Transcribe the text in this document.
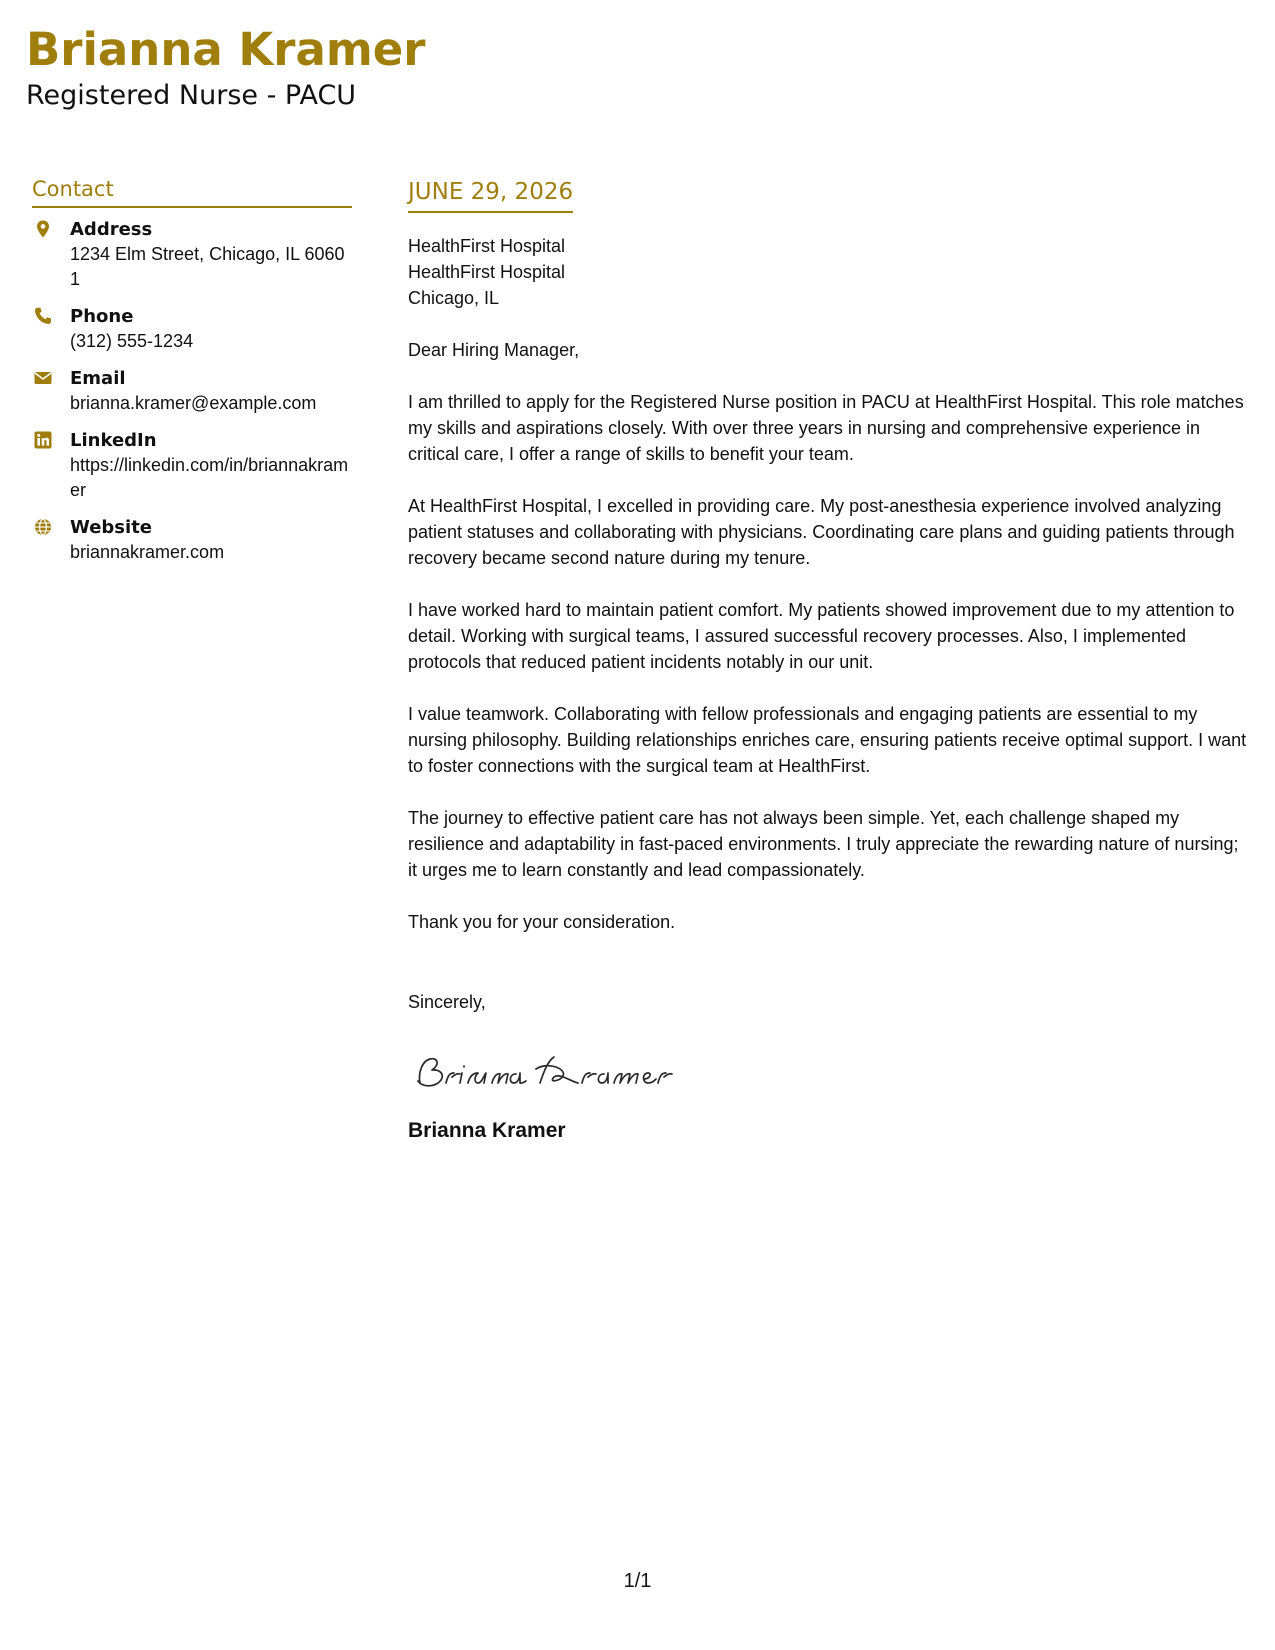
Brianna Kramer
Registered Nurse - PACU
Contact
Address
1234 Elm Street, Chicago, IL 60601
Phone
(312) 555-1234
Email
brianna.kramer@example.com
LinkedIn
https://linkedin.com/in/briannakramer
Website
briannakramer.com
JUNE 29, 2026
HealthFirst Hospital
HealthFirst Hospital
Chicago, IL
Dear Hiring Manager,
I am thrilled to apply for the Registered Nurse position in PACU at HealthFirst Hospital. This role matches my skills and aspirations closely. With over three years in nursing and comprehensive experience in critical care, I offer a range of skills to benefit your team.
At HealthFirst Hospital, I excelled in providing care. My post-anesthesia experience involved analyzing patient statuses and collaborating with physicians. Coordinating care plans and guiding patients through recovery became second nature during my tenure.
I have worked hard to maintain patient comfort. My patients showed improvement due to my attention to detail. Working with surgical teams, I assured successful recovery processes. Also, I implemented protocols that reduced patient incidents notably in our unit.
I value teamwork. Collaborating with fellow professionals and engaging patients are essential to my nursing philosophy. Building relationships enriches care, ensuring patients receive optimal support. I want to foster connections with the surgical team at HealthFirst.
The journey to effective patient care has not always been simple. Yet, each challenge shaped my resilience and adaptability in fast-paced environments. I truly appreciate the rewarding nature of nursing; it urges me to learn constantly and lead compassionately.
Thank you for your consideration.
Sincerely,
Brianna Kramer
1/1
